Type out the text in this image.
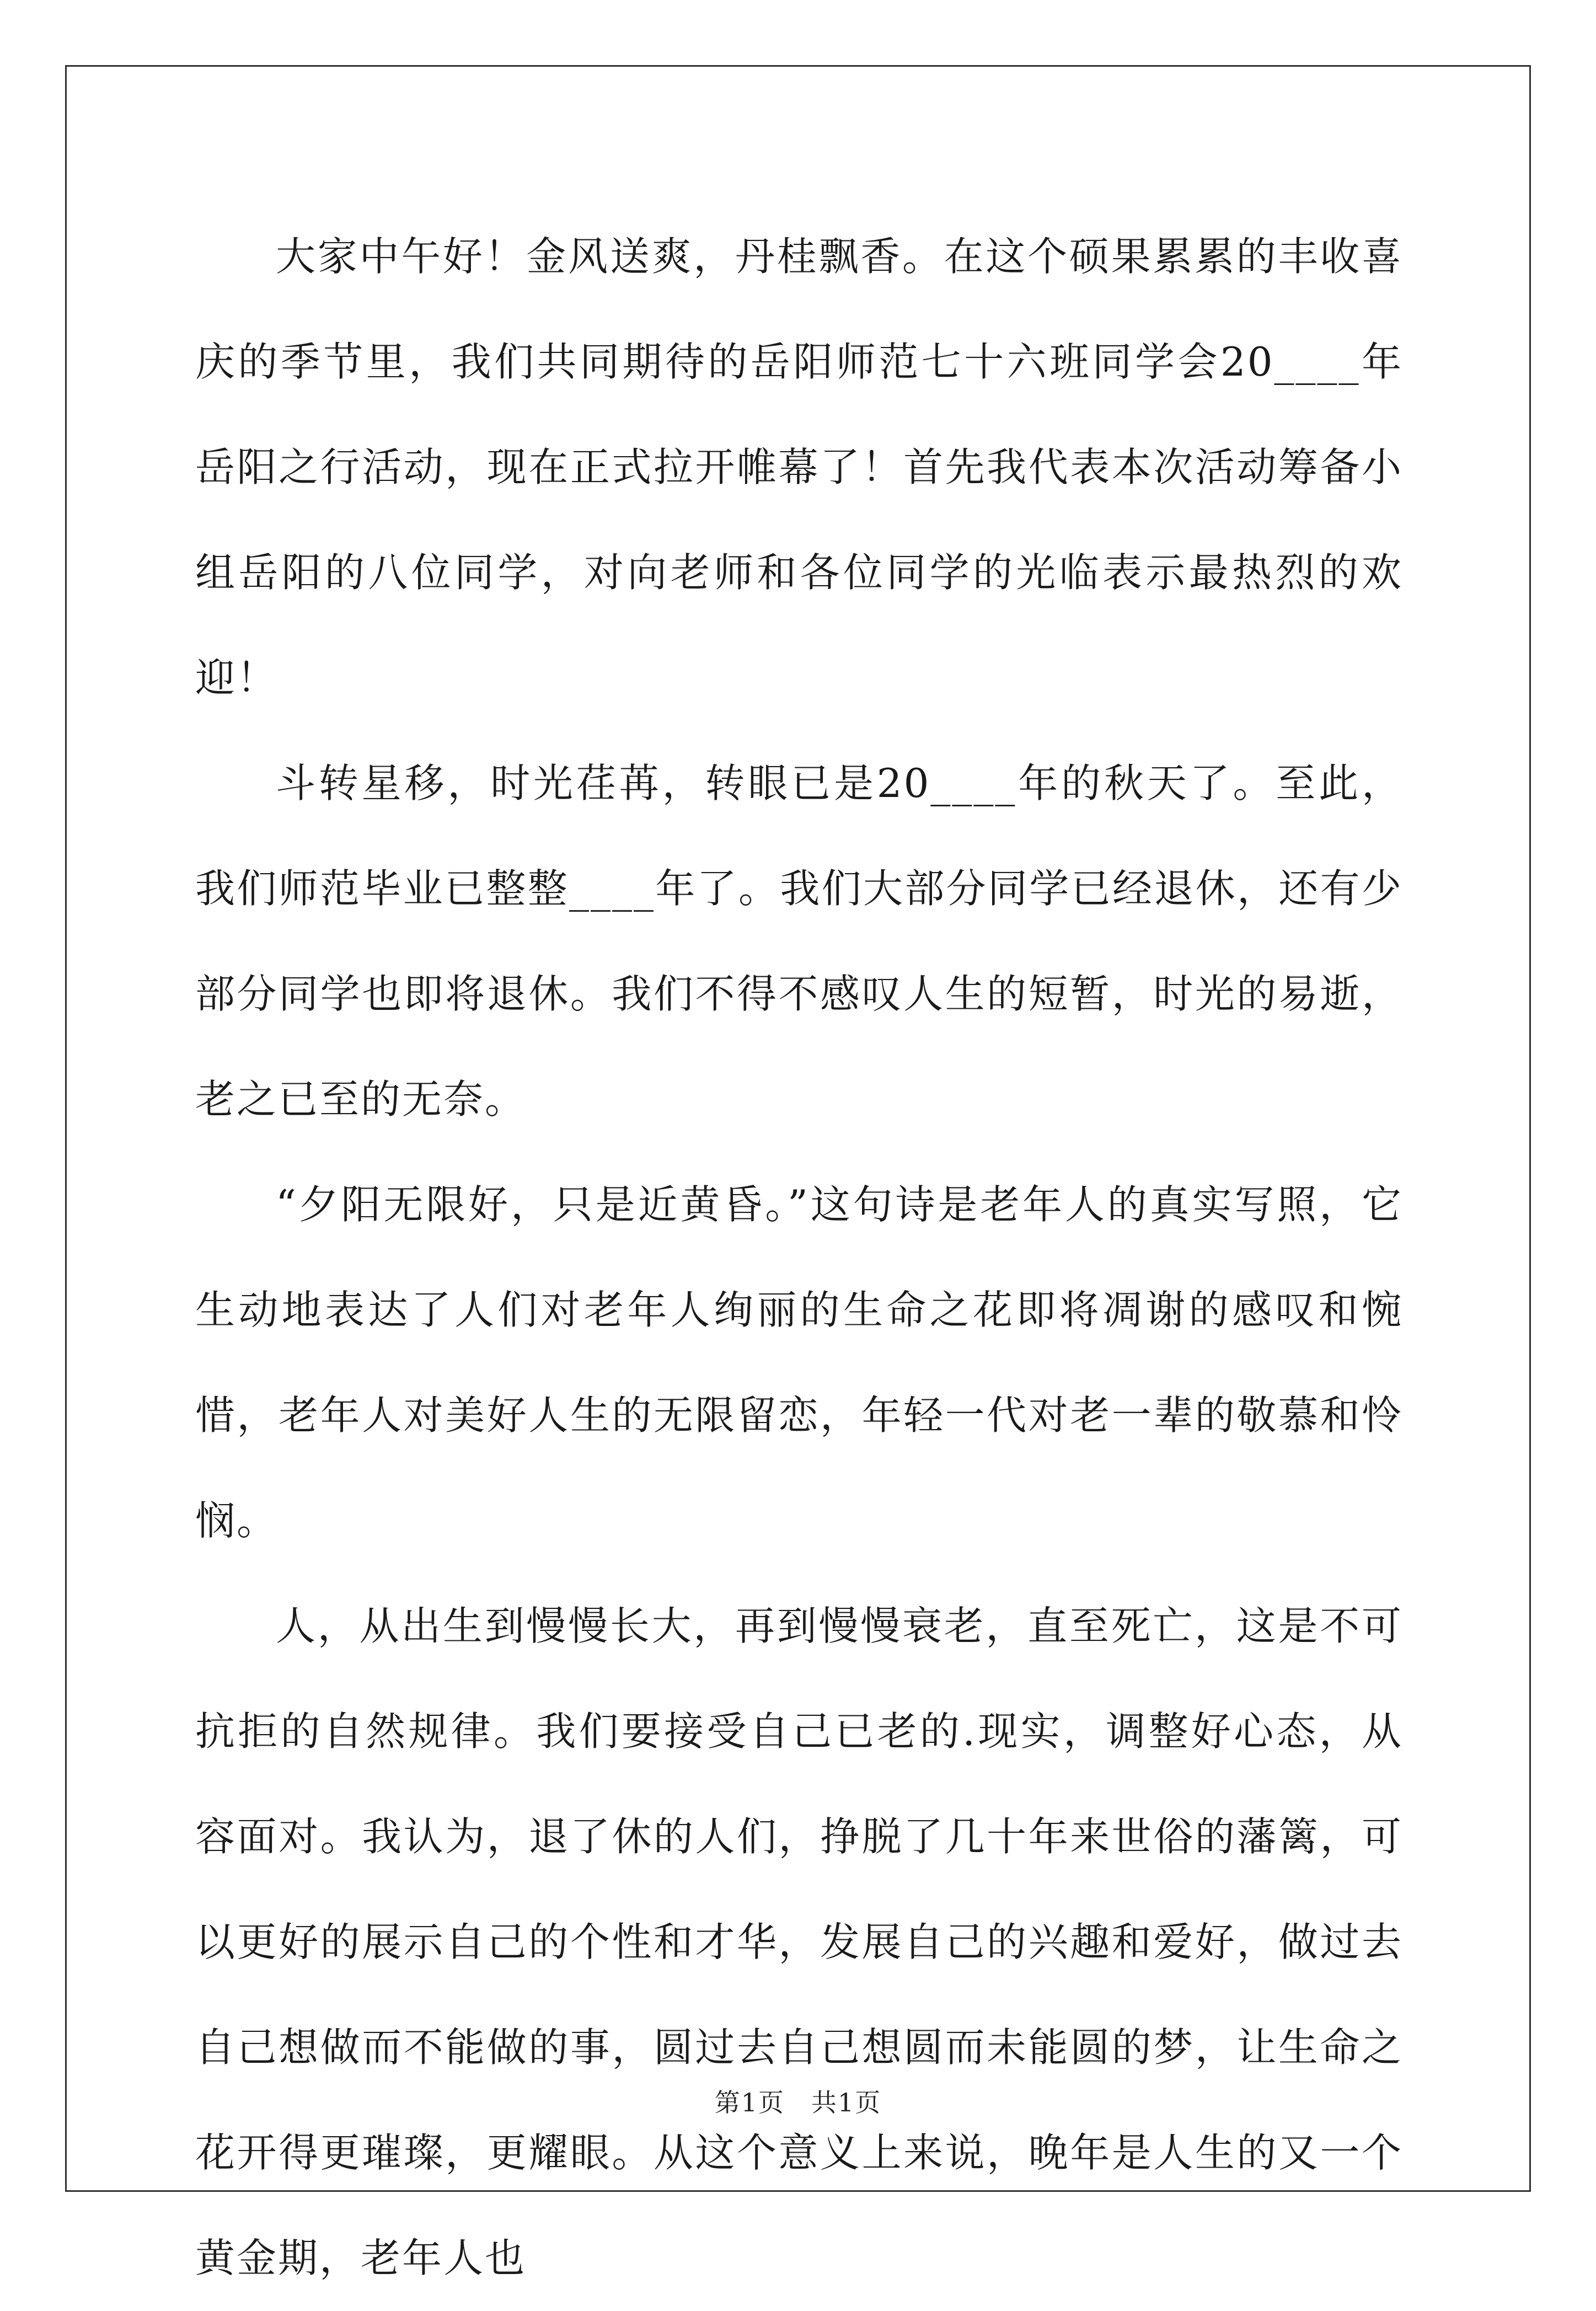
大家中午好！金风送爽，丹桂飘香。在这个硕果累累的丰收喜庆的季节里，我们共同期待的岳阳师范七十六班同学会20____年岳阳之行活动，现在正式拉开帷幕了！首先我代表本次活动筹备小组岳阳的八位同学，对向老师和各位同学的光临表示最热烈的欢迎！

斗转星移，时光荏苒，转眼已是20____年的秋天了。至此，我们师范毕业已整整____年了。我们大部分同学已经退休，还有少部分同学也即将退休。我们不得不感叹人生的短暂，时光的易逝，老之已至的无奈。

“夕阳无限好，只是近黄昏。”这句诗是老年人的真实写照，它生动地表达了人们对老年人绚丽的生命之花即将凋谢的感叹和惋惜，老年人对美好人生的无限留恋，年轻一代对老一辈的敬慕和怜悯。

人，从出生到慢慢长大，再到慢慢衰老，直至死亡，这是不可抗拒的自然规律。我们要接受自己已老的.现实，调整好心态，从容面对。我认为，退了休的人们，挣脱了几十年来世俗的藩篱，可以更好的展示自己的个性和才华，发展自己的兴趣和爱好，做过去自己想做而不能做的事，圆过去自己想圆而未能圆的梦，让生命之花开得更璀璨，更耀眼。从这个意义上来说，晚年是人生的又一个黄金期，老年人也

第1页　共1页
